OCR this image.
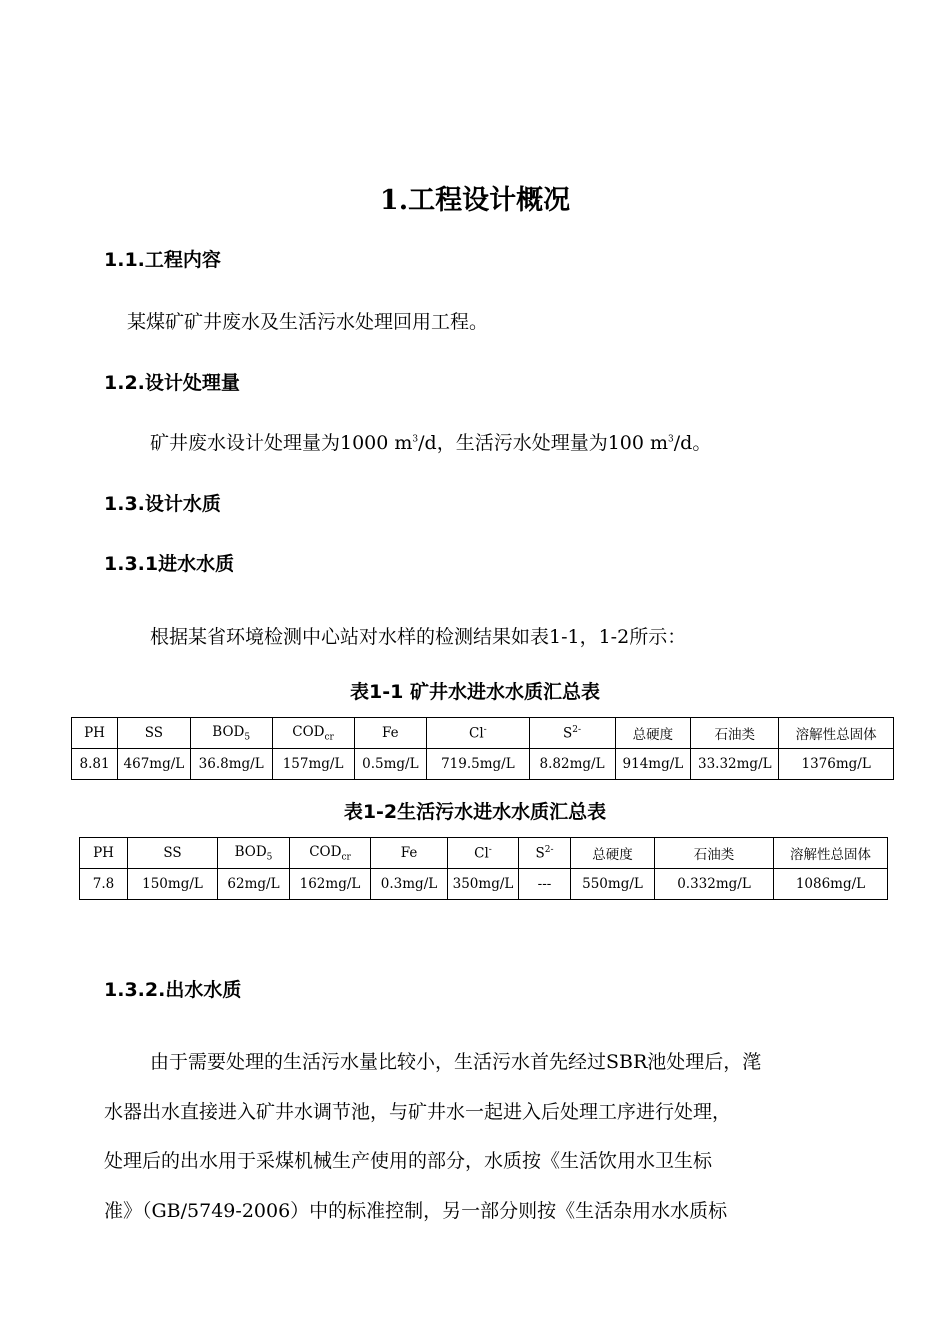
1.工程设计概况
1.1.工程内容
某煤矿矿井废水及生活污水处理回用工程。
1.2.设计处理量
矿井废水设计处理量为1000 $m^3/d$，生活污水处理量为100 $m^3/d$。
1.3.设计水质
1.3.1进水水质
根据某省环境检测中心站对水样的检测结果如表1-1，1-2所示：
表1-1 矿井水进水水质汇总表
PH	SS	$BOD_5$	$COD_{cr}$	Fe	Cl-	$S^{2-}$	总硬度	石油类	溶解性总固体
8.81	467mg/L	36.8mg/L	157mg/L	0.5mg/L	719.5mg/L	8.82mg/L	914mg/L	33.32mg/L	1376mg/L
表1-2生活污水进水水质汇总表
PH	SS	$BOD_5$	$COD_{cr}$	Fe	Cl-	$S^{2-}$	总硬度	石油类	溶解性总固体
7.8	150mg/L	62mg/L	162mg/L	0.3mg/L	350mg/L	---	550mg/L	0.332mg/L	1086mg/L
1.3.2.出水水质
由于需要处理的生活污水量比较小，生活污水首先经过SBR池处理后，滗
水器出水直接进入矿井水调节池，与矿井水一起进入后处理工序进行处理，
处理后的出水用于采煤机械生产使用的部分，水质按《生活饮用水卫生标
准》（GB/5749-2006）中的标准控制，另一部分则按《生活杂用水水质标
